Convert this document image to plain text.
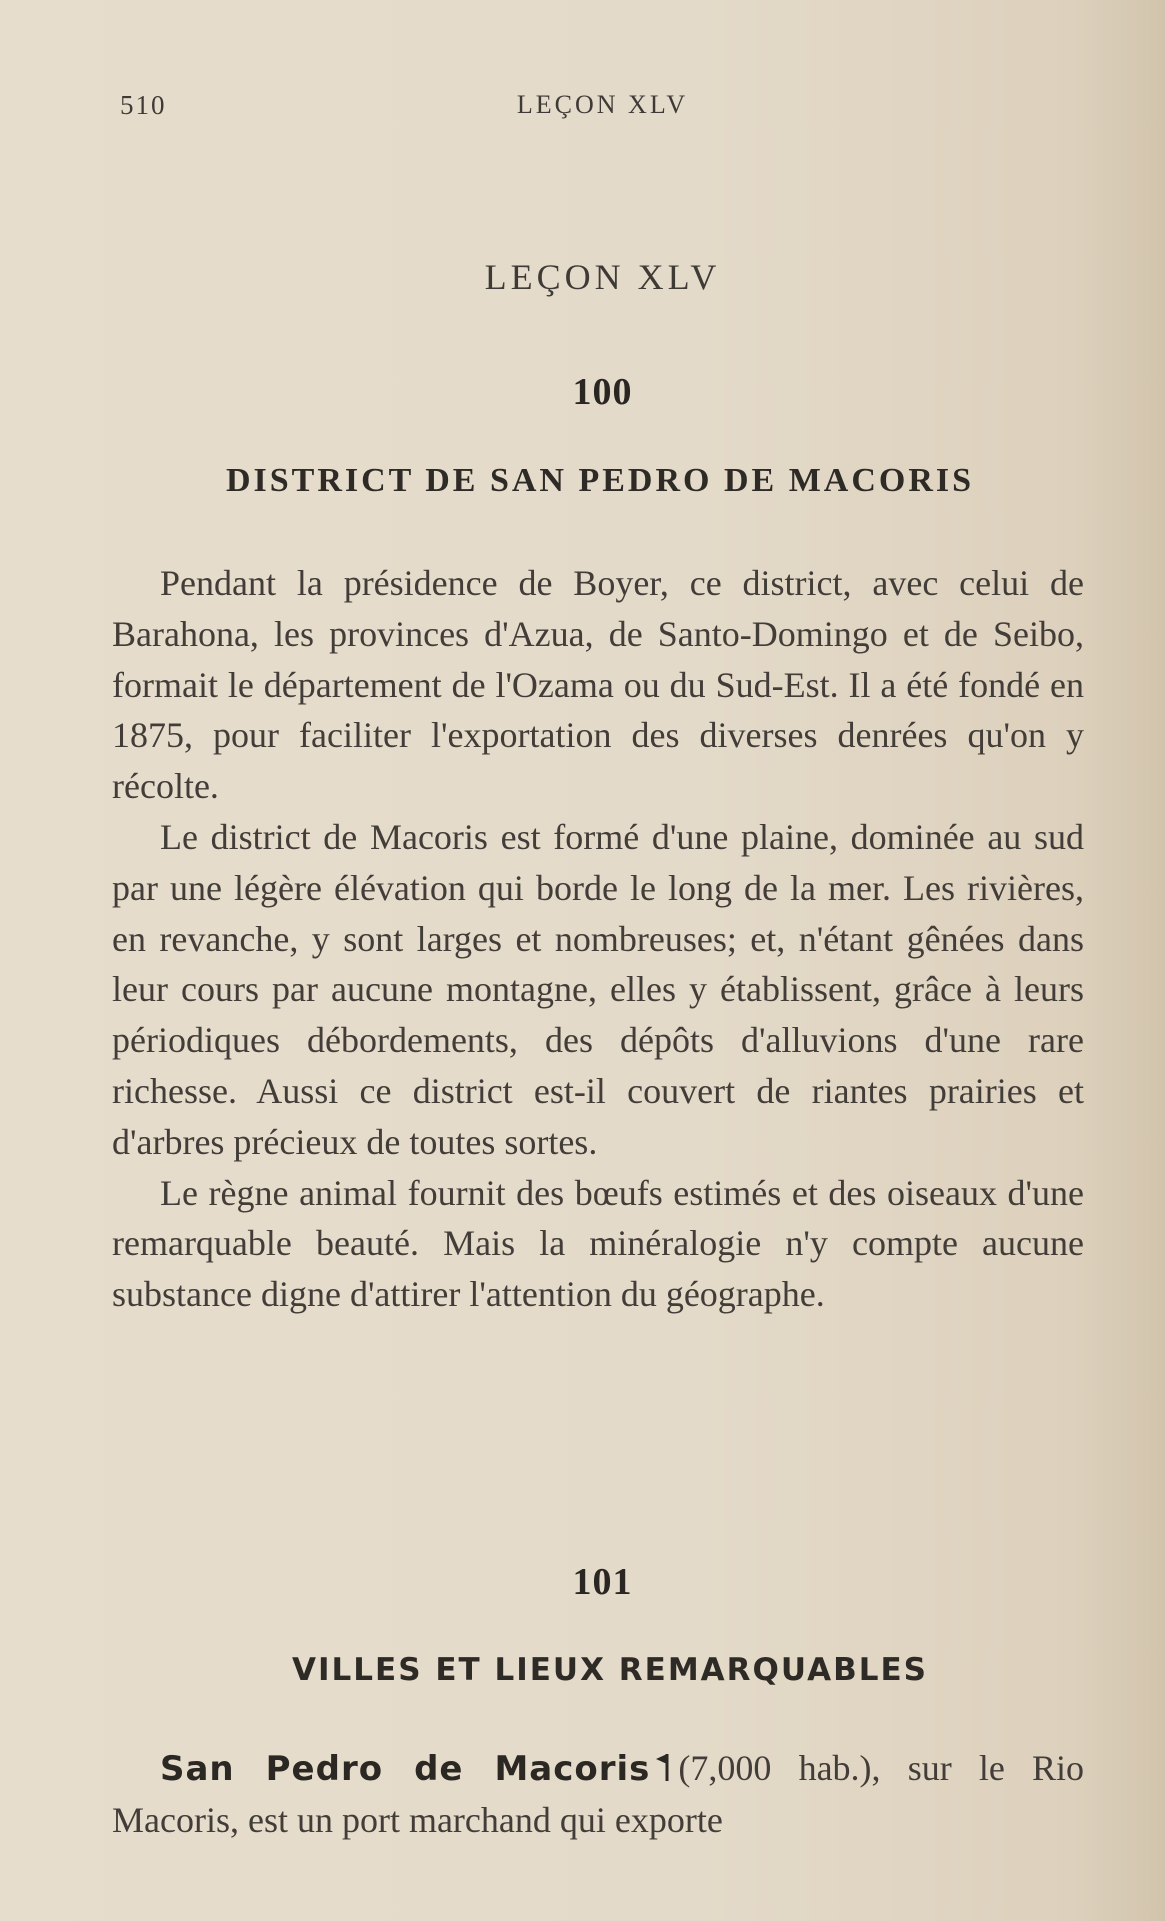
510	LEÇON XLV
LEÇON XLV
100
DISTRICT DE SAN PEDRO DE MACORIS

Pendant la présidence de Boyer, ce district, avec celui de Barahona, les provinces d'Azua, de Santo-Domingo et de Seibo, formait le département de l'Ozama ou du Sud-Est. Il a été fondé en 1875, pour faciliter l'exportation des diverses denrées qu'on y récolte.

Le district de Macoris est formé d'une plaine, dominée au sud par une légère élévation qui borde le long de la mer. Les rivières, en revanche, y sont larges et nombreuses; et, n'étant gênées dans leur cours par aucune montagne, elles y établissent, grâce à leurs périodiques débordements, des dépôts d'alluvions d'une rare richesse. Aussi ce district est-il couvert de riantes prairies et d'arbres précieux de toutes sortes.

Le règne animal fournit des bœufs estimés et des oiseaux d'une remarquable beauté. Mais la minéralogie n'y compte aucune substance digne d'attirer l'attention du géographe.

101
VILLES ET LIEUX REMARQUABLES

San Pedro de Macoris (7,000 hab.), sur le Rio Macoris, est un port marchand qui exporte
